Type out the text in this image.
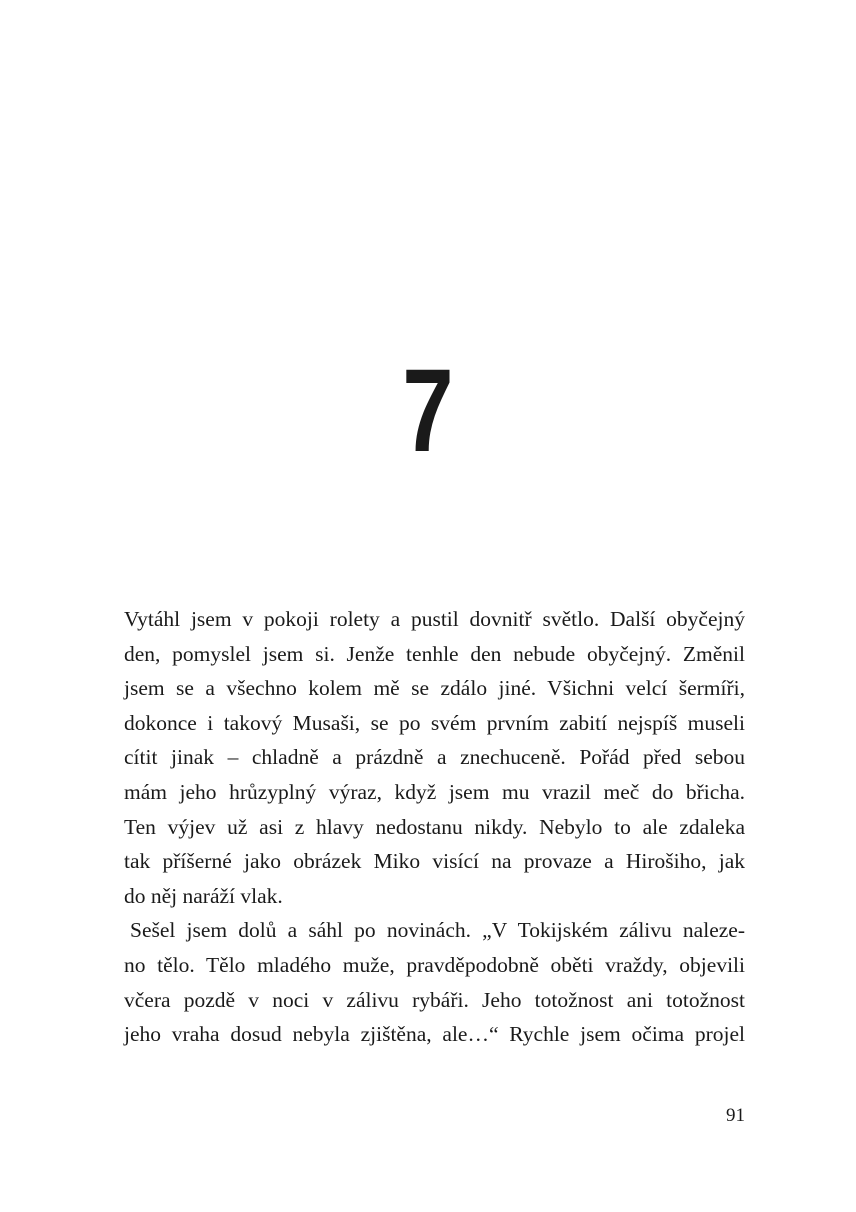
7
Vytáhl jsem v pokoji rolety a pustil dovnitř světlo. Další obyčejný
den, pomyslel jsem si. Jenže tenhle den nebude obyčejný. Změnil
jsem se a všechno kolem mě se zdálo jiné. Všichni velcí šermíři,
dokonce i takový Musaši, se po svém prvním zabití nejspíš museli
cítit jinak – chladně a prázdně a znechuceně. Pořád před sebou
mám jeho hrůzyplný výraz, když jsem mu vrazil meč do břicha.
Ten výjev už asi z hlavy nedostanu nikdy. Nebylo to ale zdaleka
tak příšerné jako obrázek Miko visící na provaze a Hirošiho, jak
do něj naráží vlak.
Sešel jsem dolů a sáhl po novinách. „V Tokijském zálivu naleze-
no tělo. Tělo mladého muže, pravděpodobně oběti vraždy, objevili
včera pozdě v noci v zálivu rybáři. Jeho totožnost ani totožnost
jeho vraha dosud nebyla zjištěna, ale…“ Rychle jsem očima projel
91
